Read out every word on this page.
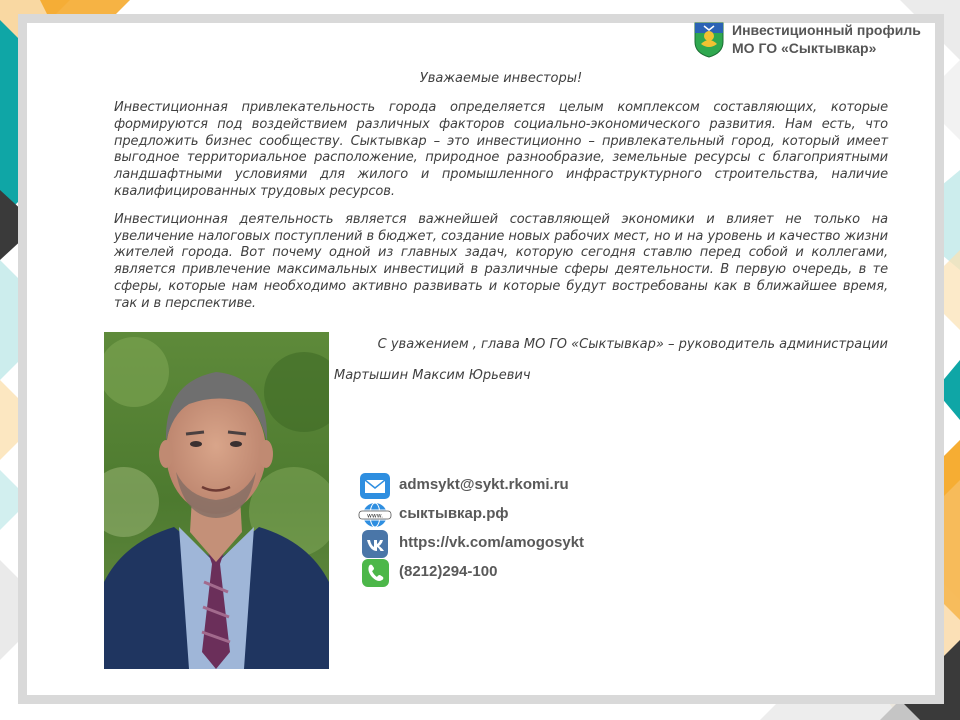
Инвестиционный профиль
МО ГО «Сыктывкар»

Уважаемые инвесторы!

Инвестиционная привлекательность города определяется целым комплексом составляющих, которые формируются под воздействием различных факторов социально-экономического развития. Нам есть, что предложить бизнес сообществу. Сыктывкар – это инвестиционно – привлекательный город, который имеет выгодное территориальное расположение, природное разнообразие, земельные ресурсы с благоприятными ландшафтными условиями для жилого и промышленного инфраструктурного строительства, наличие квалифицированных трудовых ресурсов.

Инвестиционная деятельность является важнейшей составляющей экономики и влияет не только на увеличение налоговых поступлений в бюджет, создание новых рабочих мест, но и на уровень и качество жизни жителей города. Вот почему одной из главных задач, которую сегодня ставлю перед собой и коллегами, является привлечение максимальных инвестиций в различные сферы деятельности. В первую очередь, в те сферы, которые нам необходимо активно развивать и которые будут востребованы как в ближайшее время, так и в перспективе.

С уважением , глава МО ГО «Сыктывкар» – руководитель администрации
Мартышин Максим Юрьевич
admsykt@sykt.rkomi.ru
www. сыктывкар.рф
https://vk.com/amogosykt
(8212)294-100
